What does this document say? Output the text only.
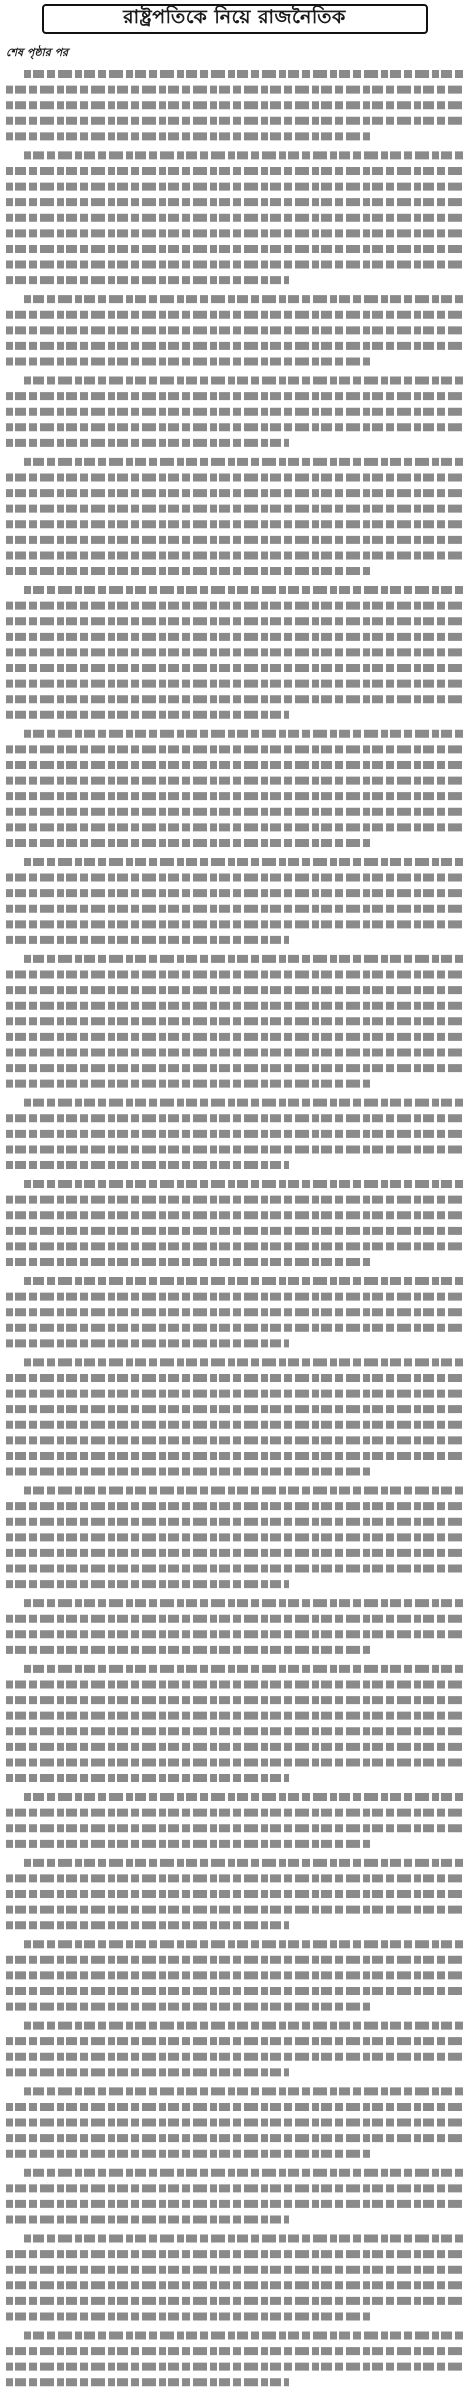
রাষ্ট্রপতিকে নিয়ে রাজনৈতিক
শেষ পৃষ্ঠার পর
